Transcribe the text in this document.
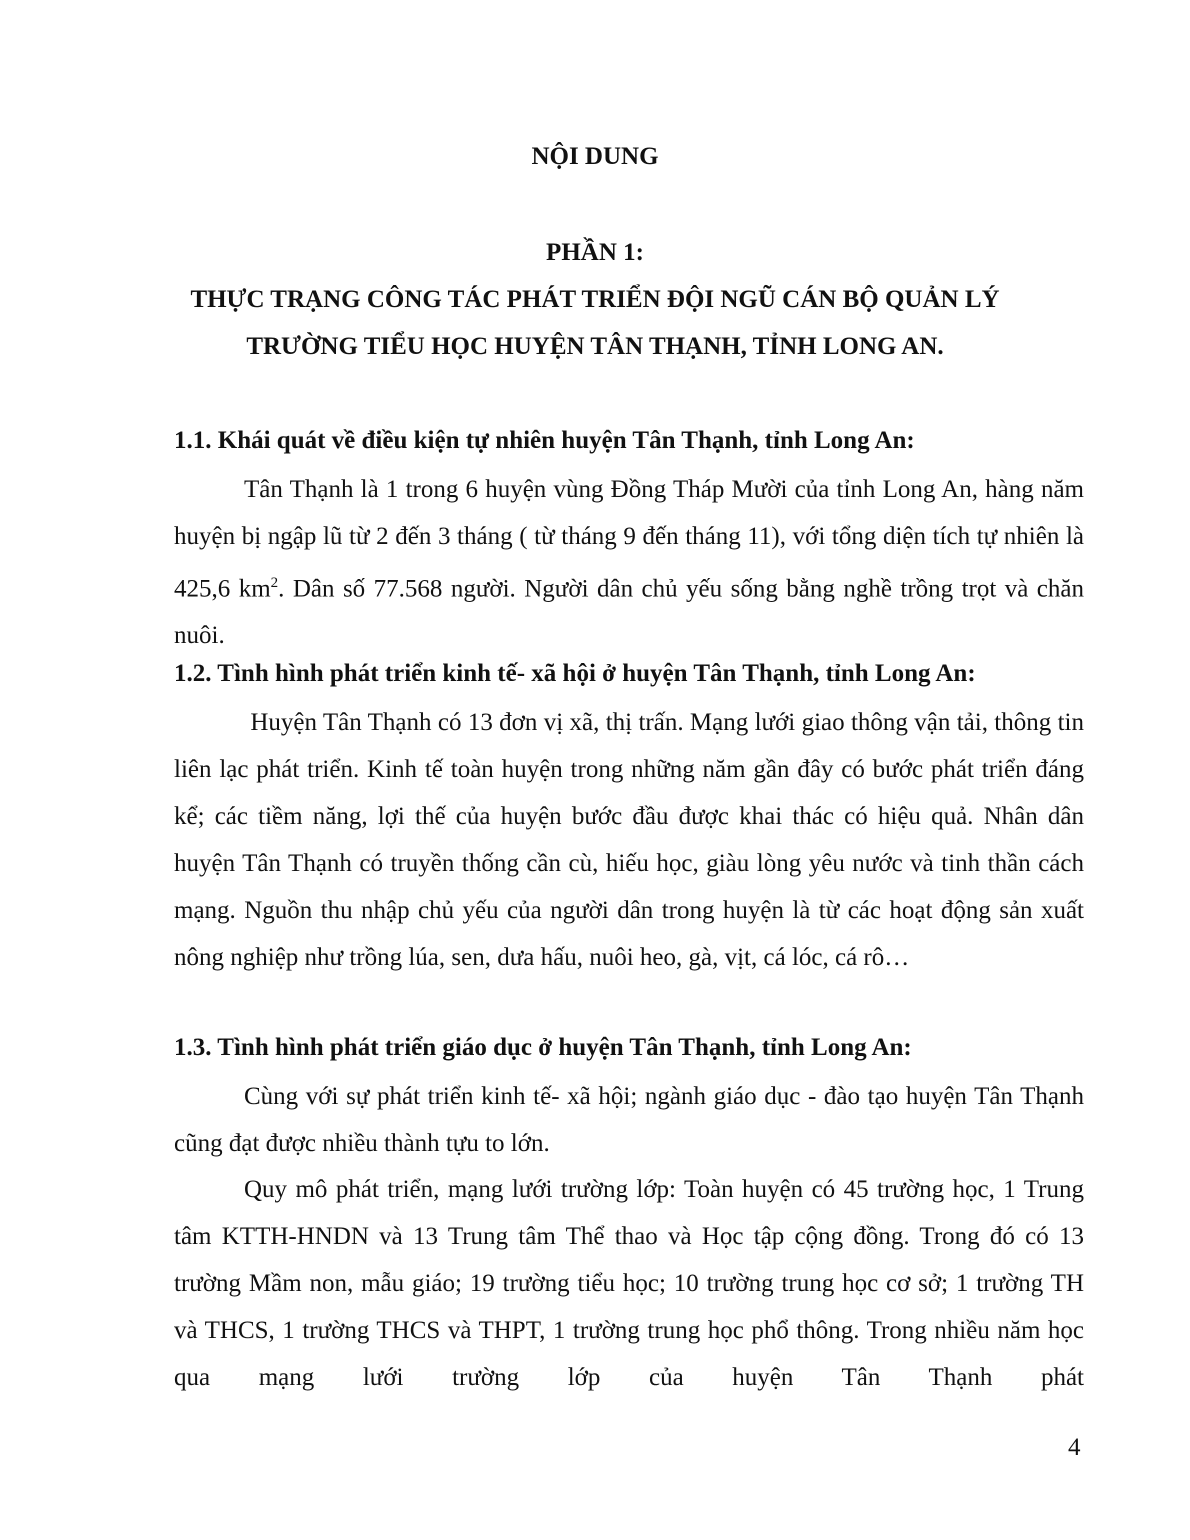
NỘI DUNG
PHẦN 1:
THỰC TRẠNG CÔNG TÁC PHÁT TRIỂN ĐỘI NGŨ CÁN BỘ QUẢN LÝ
TRƯỜNG TIỂU HỌC HUYỆN TÂN THẠNH, TỈNH LONG AN.
1.1. Khái quát về điều kiện tự nhiên huyện Tân Thạnh, tỉnh Long An:

Tân Thạnh là 1 trong 6 huyện vùng Đồng Tháp Mười của tỉnh Long An, hàng năm huyện bị ngập lũ từ 2 đến 3 tháng ( từ tháng 9 đến tháng 11), với tổng diện tích tự nhiên là 425,6 $km^2$. Dân số 77.568 người. Người dân chủ yếu sống bằng nghề trồng trọt và chăn nuôi.

1.2. Tình hình phát triển kinh tế- xã hội ở huyện Tân Thạnh, tỉnh Long An:

Huyện Tân Thạnh có 13 đơn vị xã, thị trấn. Mạng lưới giao thông vận tải, thông tin liên lạc phát triển. Kinh tế toàn huyện trong những năm gần đây có bước phát triển đáng kể; các tiềm năng, lợi thế của huyện bước đầu được khai thác có hiệu quả. Nhân dân huyện Tân Thạnh có truyền thống cần cù, hiếu học, giàu lòng yêu nước và tinh thần cách mạng. Nguồn thu nhập chủ yếu của người dân trong huyện là từ các hoạt động sản xuất nông nghiệp như trồng lúa, sen, dưa hấu, nuôi heo, gà, vịt, cá lóc, cá rô…

1.3. Tình hình phát triển giáo dục ở huyện Tân Thạnh, tỉnh Long An:

Cùng với sự phát triển kinh tế- xã hội; ngành giáo dục - đào tạo huyện Tân Thạnh cũng đạt được nhiều thành tựu to lớn.

Quy mô phát triển, mạng lưới trường lớp: Toàn huyện có 45 trường học, 1 Trung tâm KTTH-HNDN và 13 Trung tâm Thể thao và Học tập cộng đồng. Trong đó có 13 trường Mầm non, mẫu giáo; 19 trường tiểu học; 10 trường trung học cơ sở; 1 trường TH và THCS, 1 trường THCS và THPT, 1 trường trung học phổ thông. Trong nhiều năm học qua mạng lưới trường lớp của huyện Tân Thạnh phát

4
